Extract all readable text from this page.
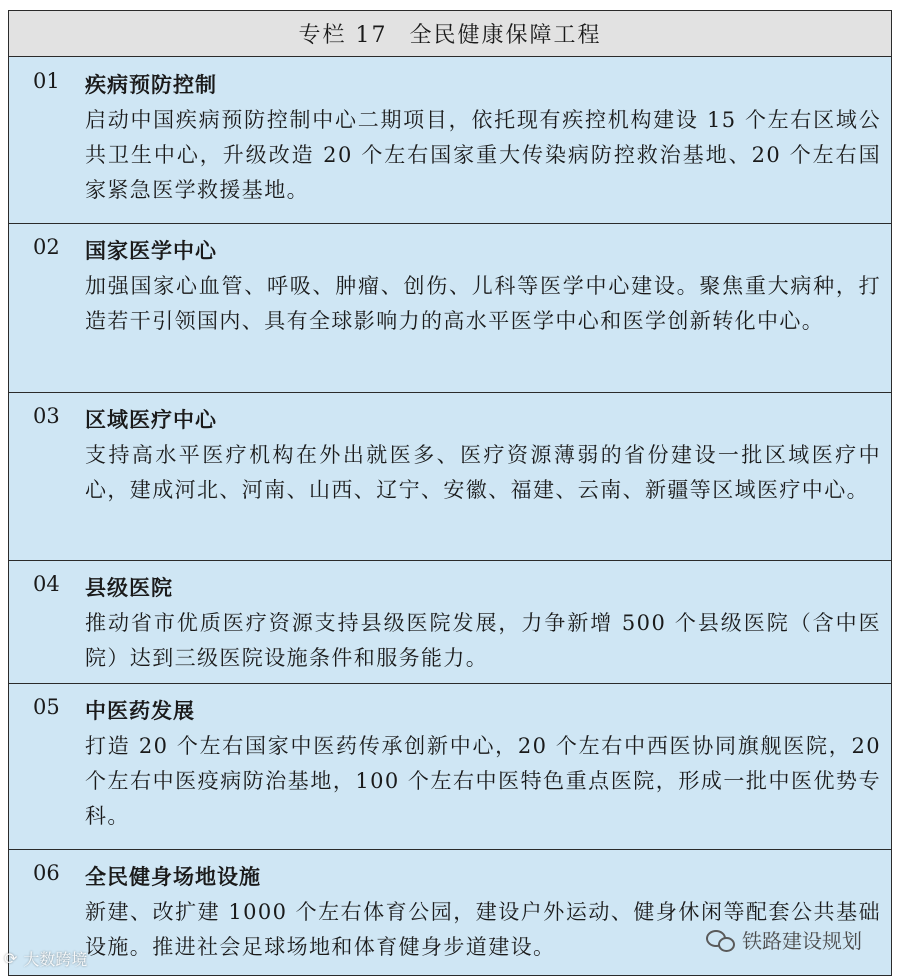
专栏 17 全民健康保障工程
01 疾病预防控制
启动中国疾病预防控制中心二期项目，依托现有疾控机构建设 15 个左右区域公共卫生中心，升级改造 20 个左右国家重大传染病防控救治基地、20 个左右国家紧急医学救援基地。
02 国家医学中心
加强国家心血管、呼吸、肿瘤、创伤、儿科等医学中心建设。聚焦重大病种，打造若干引领国内、具有全球影响力的高水平医学中心和医学创新转化中心。
03 区域医疗中心
支持高水平医疗机构在外出就医多、医疗资源薄弱的省份建设一批区域医疗中心，建成河北、河南、山西、辽宁、安徽、福建、云南、新疆等区域医疗中心。
04 县级医院
推动省市优质医疗资源支持县级医院发展，力争新增 500 个县级医院（含中医院）达到三级医院设施条件和服务能力。
05 中医药发展
打造 20 个左右国家中医药传承创新中心，20 个左右中西医协同旗舰医院，20 个左右中医疫病防治基地，100 个左右中医特色重点医院，形成一批中医优势专科。
06 全民健身场地设施
新建、改扩建 1000 个左右体育公园，建设户外运动、健身休闲等配套公共基础设施。推进社会足球场地和体育健身步道建设。
⟳ 大数跨境
铁路建设规划
